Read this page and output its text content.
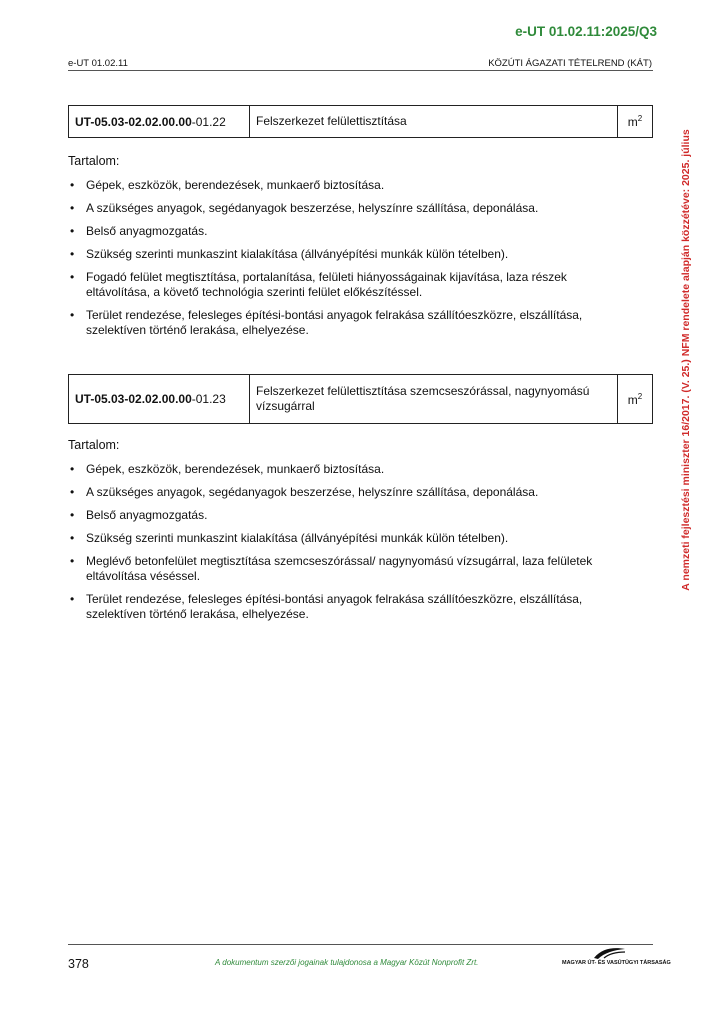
e-UT 01.02.11:2025/Q3
e-UT 01.02.11	KÖZÚTI ÁGAZATI TÉTELREND (KÁT)
A nemzeti fejlesztési miniszter 16/2017. (V. 25.) NFM rendelete alapján közzétéve: 2025. július
UT-05.03-02.02.00.00-01.22	Felszerkezet felülettisztítása	$m^2$
Tartalom:
• Gépek, eszközök, berendezések, munkaerő biztosítása.
• A szükséges anyagok, segédanyagok beszerzése, helyszínre szállítása, deponálása.
• Belső anyagmozgatás.
• Szükség szerinti munkaszint kialakítása (állványépítési munkák külön tételben).
• Fogadó felület megtisztítása, portalanítása, felületi hiányosságainak kijavítása, laza részek eltávolítása, a követő technológia szerinti felület előkészítéssel.
• Terület rendezése, felesleges építési-bontási anyagok felrakása szállítóeszközre, elszállítása, szelektíven történő lerakása, elhelyezése.
UT-05.03-02.02.00.00-01.23	Felszerkezet felülettisztítása szemcseszórással, nagynyomású vízsugárral	$m^2$
Tartalom:
• Gépek, eszközök, berendezések, munkaerő biztosítása.
• A szükséges anyagok, segédanyagok beszerzése, helyszínre szállítása, deponálása.
• Belső anyagmozgatás.
• Szükség szerinti munkaszint kialakítása (állványépítési munkák külön tételben).
• Meglévő betonfelület megtisztítása szemcseszórással/ nagynyomású vízsugárral, laza felületek eltávolítása véséssel.
• Terület rendezése, felesleges építési-bontási anyagok felrakása szállítóeszközre, elszállítása, szelektíven történő lerakása, elhelyezése.
378	A dokumentum szerzői jogainak tulajdonosa a Magyar Közút Nonprofit Zrt.	MAGYAR ÚT- ÉS VASÚTÜGYI TÁRSASÁG
